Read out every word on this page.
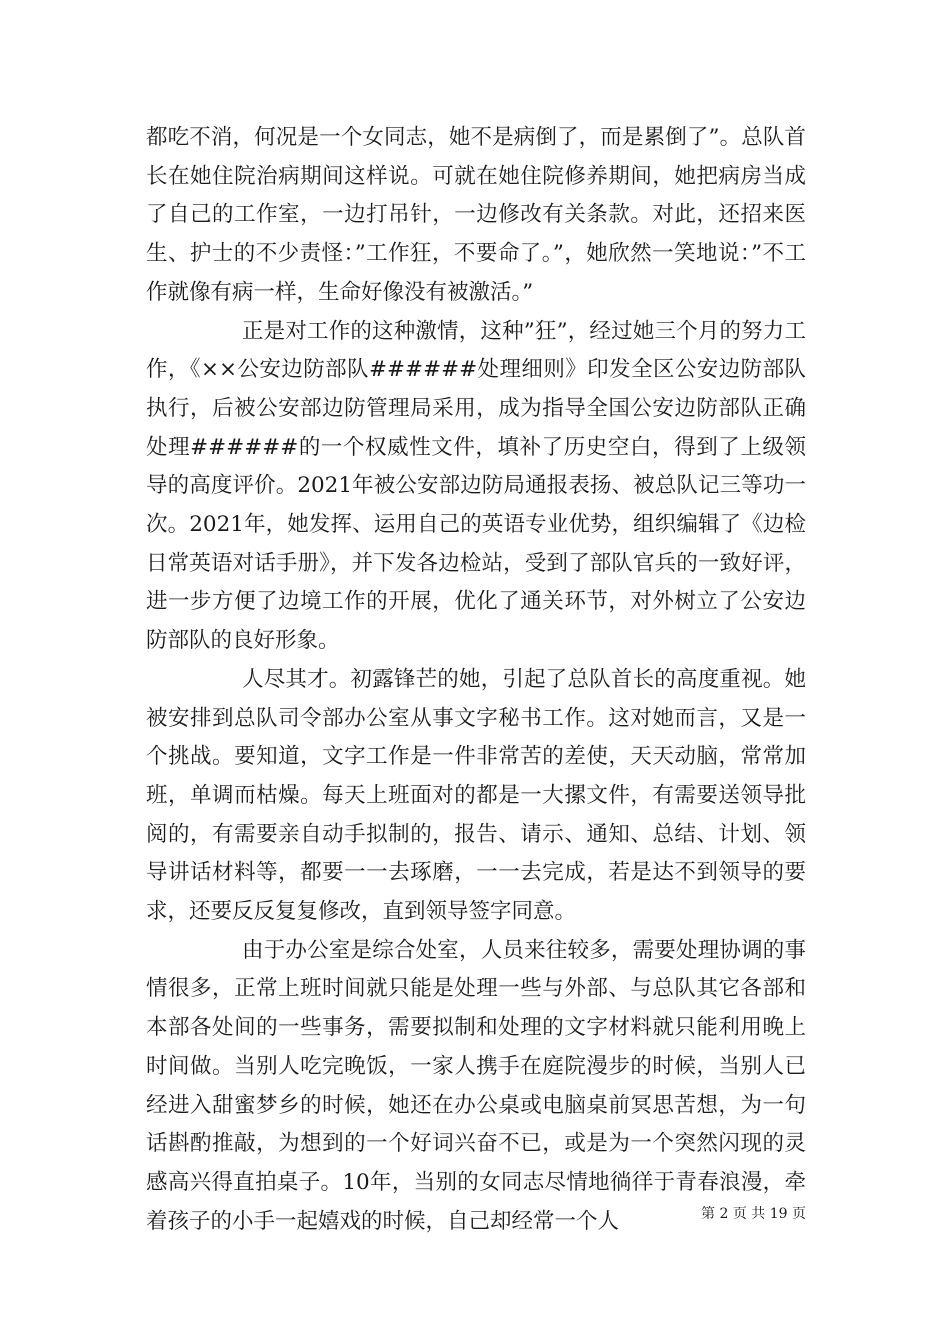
都吃不消，何况是一个女同志，她不是病倒了，而是累倒了”。总队首长在她住院治病期间这样说。可就在她住院修养期间，她把病房当成了自己的工作室，一边打吊针，一边修改有关条款。对此，还招来医生、护士的不少责怪：”工作狂，不要命了。”，她欣然一笑地说：”不工作就像有病一样，生命好像没有被激活。”

正是对工作的这种激情，这种”狂”，经过她三个月的努力工作，《××公安边防部队######处理细则》印发全区公安边防部队执行，后被公安部边防管理局采用，成为指导全国公安边防部队正确处理######的一个权威性文件，填补了历史空白，得到了上级领导的高度评价。2021年被公安部边防局通报表扬、被总队记三等功一次。2021年，她发挥、运用自己的英语专业优势，组织编辑了《边检日常英语对话手册》，并下发各边检站，受到了部队官兵的一致好评，进一步方便了边境工作的开展，优化了通关环节，对外树立了公安边防部队的良好形象。

人尽其才。初露锋芒的她，引起了总队首长的高度重视。她被安排到总队司令部办公室从事文字秘书工作。这对她而言，又是一个挑战。要知道，文字工作是一件非常苦的差使，天天动脑，常常加班，单调而枯燥。每天上班面对的都是一大摞文件，有需要送领导批阅的，有需要亲自动手拟制的，报告、请示、通知、总结、计划、领导讲话材料等，都要一一去琢磨，一一去完成，若是达不到领导的要求，还要反反复复修改，直到领导签字同意。

由于办公室是综合处室，人员来往较多，需要处理协调的事情很多，正常上班时间就只能是处理一些与外部、与总队其它各部和本部各处间的一些事务，需要拟制和处理的文字材料就只能利用晚上时间做。当别人吃完晚饭，一家人携手在庭院漫步的时候，当别人已经进入甜蜜梦乡的时候，她还在办公桌或电脑桌前冥思苦想，为一句话斟酌推敲，为想到的一个好词兴奋不已，或是为一个突然闪现的灵感高兴得直拍桌子。10年，当别的女同志尽情地徜徉于青春浪漫，牵着孩子的小手一起嬉戏的时候，自己却经常一个人	第 2 页 共 19 页
